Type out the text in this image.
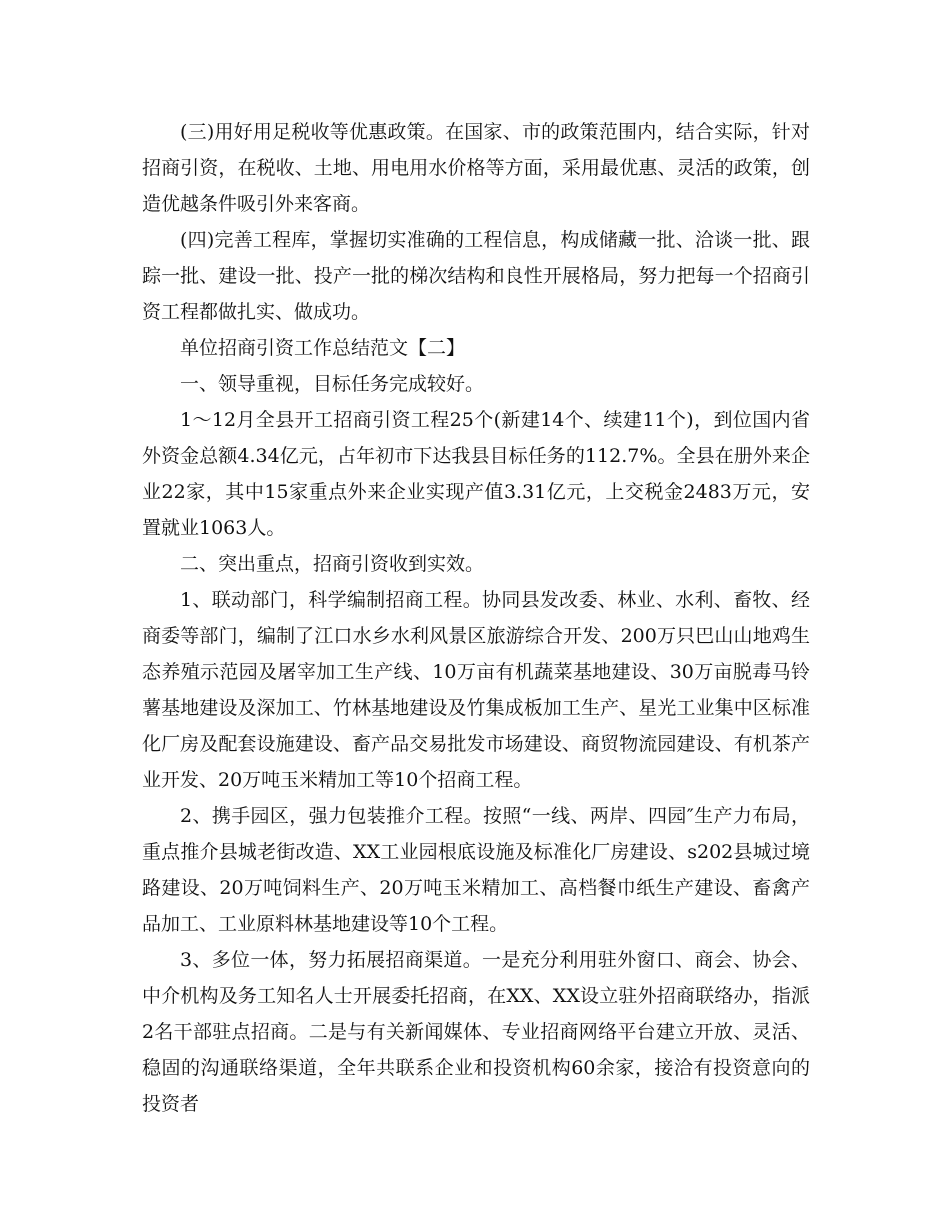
(三)用好用足税收等优惠政策。在国家、市的政策范围内，结合实际，针对招商引资，在税收、土地、用电用水价格等方面，采用最优惠、灵活的政策，创造优越条件吸引外来客商。

(四)完善工程库，掌握切实准确的工程信息，构成储藏一批、洽谈一批、跟踪一批、建设一批、投产一批的梯次结构和良性开展格局，努力把每一个招商引资工程都做扎实、做成功。

单位招商引资工作总结范文【二】

一、领导重视，目标任务完成较好。

1～12月全县开工招商引资工程25个(新建14个、续建11个)，到位国内省外资金总额4.34亿元，占年初市下达我县目标任务的112.7%。全县在册外来企业22家，其中15家重点外来企业实现产值3.31亿元，上交税金2483万元，安置就业1063人。

二、突出重点，招商引资收到实效。

1、联动部门，科学编制招商工程。协同县发改委、林业、水利、畜牧、经商委等部门，编制了江口水乡水利风景区旅游综合开发、200万只巴山山地鸡生态养殖示范园及屠宰加工生产线、10万亩有机蔬菜基地建设、30万亩脱毒马铃薯基地建设及深加工、竹林基地建设及竹集成板加工生产、星光工业集中区标准化厂房及配套设施建设、畜产品交易批发市场建设、商贸物流园建设、有机茶产业开发、20万吨玉米精加工等10个招商工程。

2、携手园区，强力包装推介工程。按照“一线、两岸、四园″生产力布局，重点推介县城老街改造、XX工业园根底设施及标准化厂房建设、s202县城过境路建设、20万吨饲料生产、20万吨玉米精加工、高档餐巾纸生产建设、畜禽产品加工、工业原料林基地建设等10个工程。

3、多位一体，努力拓展招商渠道。一是充分利用驻外窗口、商会、协会、中介机构及务工知名人士开展委托招商，在XX、XX设立驻外招商联络办，指派2名干部驻点招商。二是与有关新闻媒体、专业招商网络平台建立开放、灵活、稳固的沟通联络渠道，全年共联系企业和投资机构60余家，接洽有投资意向的投资者
